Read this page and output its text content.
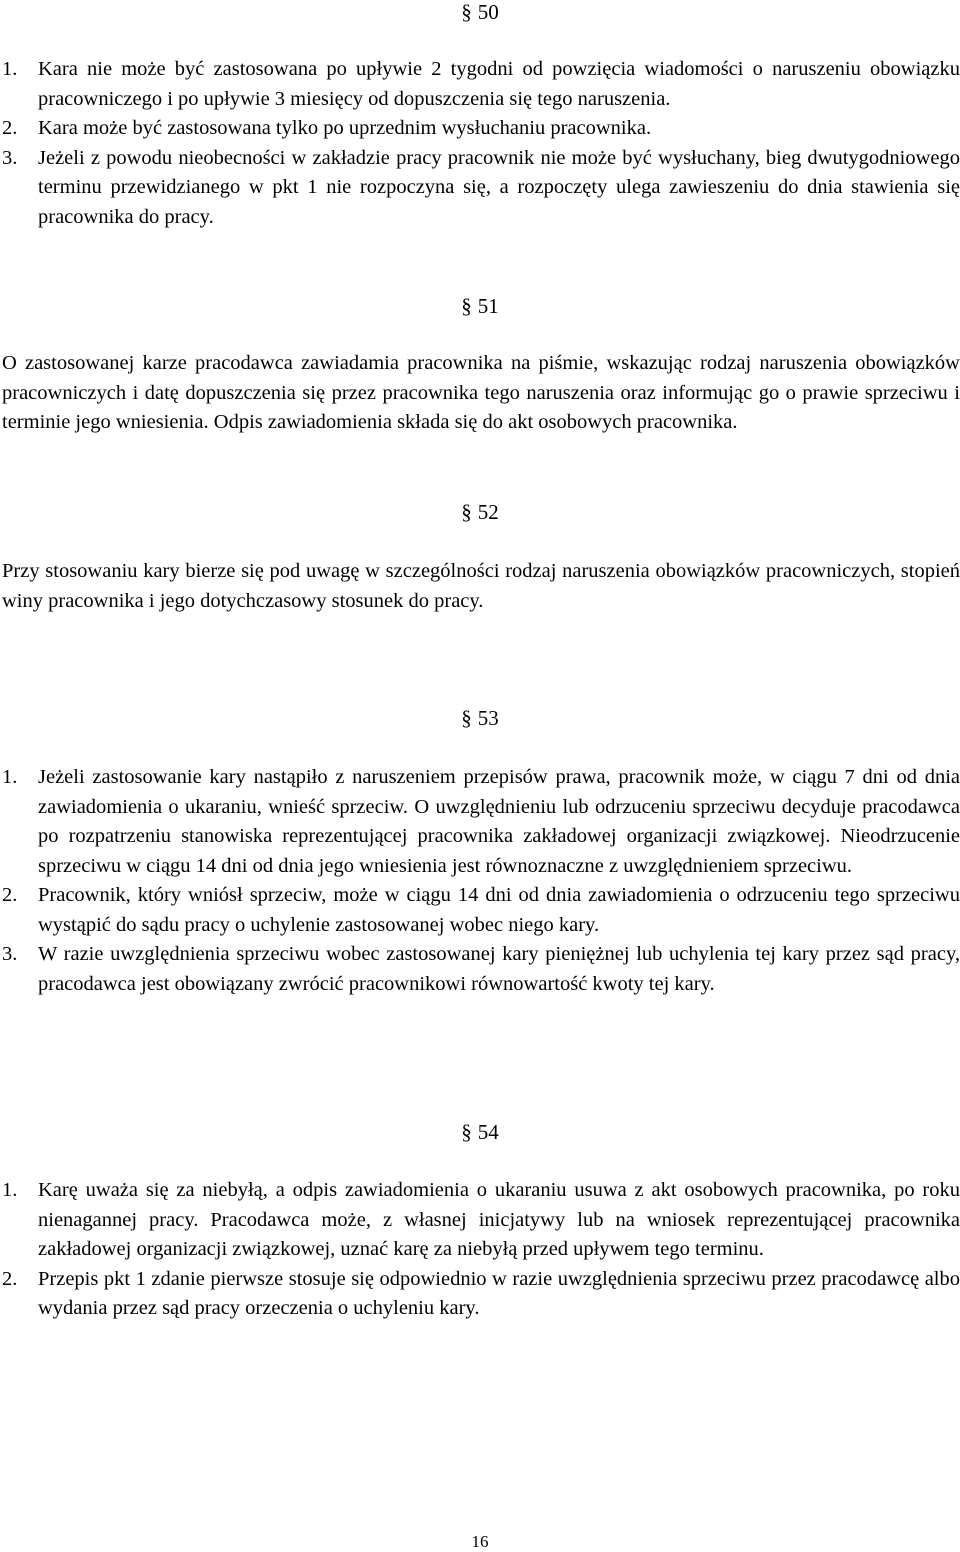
§ 50
1. Kara nie może być zastosowana po upływie 2 tygodni od powzięcia wiadomości o naruszeniu obowiązku pracowniczego i po upływie 3 miesięcy od dopuszczenia się tego naruszenia.
2. Kara może być zastosowana tylko po uprzednim wysłuchaniu pracownika.
3. Jeżeli z powodu nieobecności w zakładzie pracy pracownik nie może być wysłuchany, bieg dwutygodniowego terminu przewidzianego w pkt 1 nie rozpoczyna się, a rozpoczęty ulega zawieszeniu do dnia stawienia się pracownika do pracy.
§ 51

O zastosowanej karze pracodawca zawiadamia pracownika na piśmie, wskazując rodzaj naruszenia obowiązków pracowniczych i datę dopuszczenia się przez pracownika tego naruszenia oraz informując go o prawie sprzeciwu i terminie jego wniesienia. Odpis zawiadomienia składa się do akt osobowych pracownika.

§ 52

Przy stosowaniu kary bierze się pod uwagę w szczególności rodzaj naruszenia obowiązków pracowniczych, stopień winy pracownika i jego dotychczasowy stosunek do pracy.

§ 53
1. Jeżeli zastosowanie kary nastąpiło z naruszeniem przepisów prawa, pracownik może, w ciągu 7 dni od dnia zawiadomienia o ukaraniu, wnieść sprzeciw. O uwzględnieniu lub odrzuceniu sprzeciwu decyduje pracodawca po rozpatrzeniu stanowiska reprezentującej pracownika zakładowej organizacji związkowej. Nieodrzucenie sprzeciwu w ciągu 14 dni od dnia jego wniesienia jest równoznaczne z uwzględnieniem sprzeciwu.
2. Pracownik, który wniósł sprzeciw, może w ciągu 14 dni od dnia zawiadomienia o odrzuceniu tego sprzeciwu wystąpić do sądu pracy o uchylenie zastosowanej wobec niego kary.
3. W razie uwzględnienia sprzeciwu wobec zastosowanej kary pieniężnej lub uchylenia tej kary przez sąd pracy, pracodawca jest obowiązany zwrócić pracownikowi równowartość kwoty tej kary.
§ 54
1. Karę uważa się za niebyłą, a odpis zawiadomienia o ukaraniu usuwa z akt osobowych pracownika, po roku nienagannej pracy. Pracodawca może, z własnej inicjatywy lub na wniosek reprezentującej pracownika zakładowej organizacji związkowej, uznać karę za niebyłą przed upływem tego terminu.
2. Przepis pkt 1 zdanie pierwsze stosuje się odpowiednio w razie uwzględnienia sprzeciwu przez pracodawcę albo wydania przez sąd pracy orzeczenia o uchyleniu kary.
16
